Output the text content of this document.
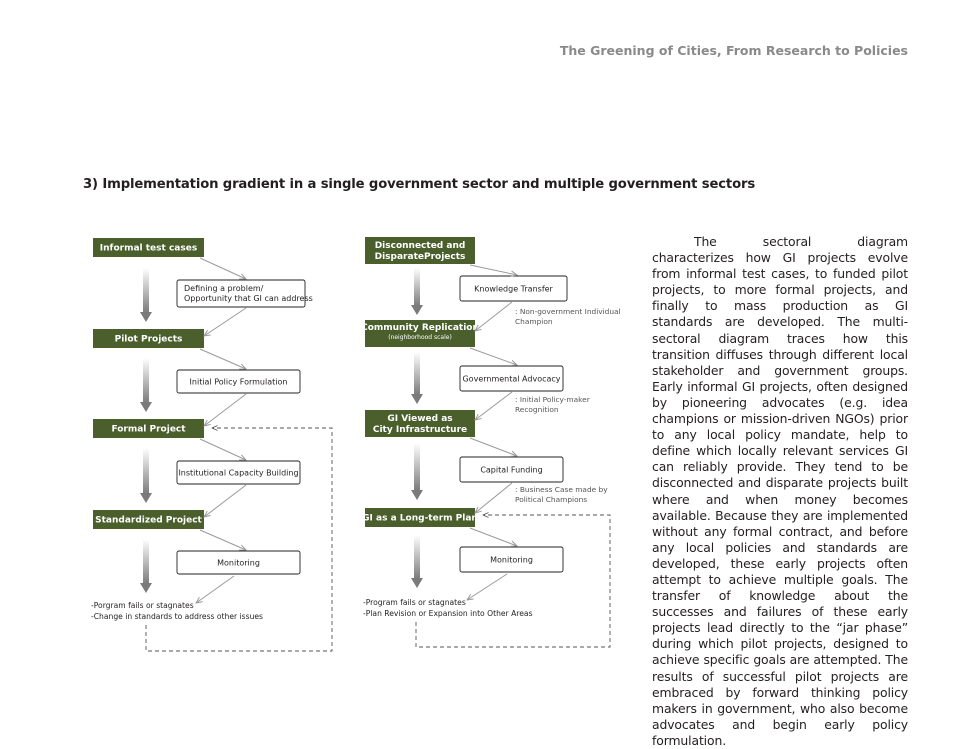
The Greening of Cities, From Research to Policies
3) Implementation gradient in a single government sector and multiple government sectors
Informal test cases
Pilot Projects
Formal Project
Standardized Project
Defining a problem/
Opportunity that GI can address
Initial Policy Formulation
Institutional Capacity Building
Monitoring
-Porgram fails or stagnates
-Change in standards to address other issues
Disconnected and
DisparateProjects
Community Replication
(neighborhood scale)
GI Viewed as
City Infrastructure
GI as a Long-term Plan
Knowledge Transfer
Governmental Advocacy
Capital Funding
Monitoring
: Non-government Individual
Champion
: Initial Policy-maker
Recognition
: Business Case made by
Political Champions
-Program fails or stagnates
-Plan Revision or Expansion into Other Areas
The sectoral diagram characterizes how GI projects evolve from informal test cases, to funded pilot projects, to more formal projects, and finally to mass production as GI standards are developed. The multi-sectoral diagram traces how this transition diffuses through different local stakeholder and government groups. Early informal GI projects, often designed by pioneering advocates (e.g. idea champions or mission-driven NGOs) prior to any local policy mandate, help to define which locally relevant services GI can reliably provide. They tend to be disconnected and disparate projects built where and when money becomes available. Because they are implemented without any formal contract, and before any local policies and standards are developed, these early projects often attempt to achieve multiple goals. The transfer of knowledge about the successes and failures of these early projects lead directly to the “jar phase” during which pilot projects, designed to achieve specific goals are attempted. The results of successful pilot projects are embraced by forward thinking policy makers in government, who also become advocates and begin early policy formulation.
